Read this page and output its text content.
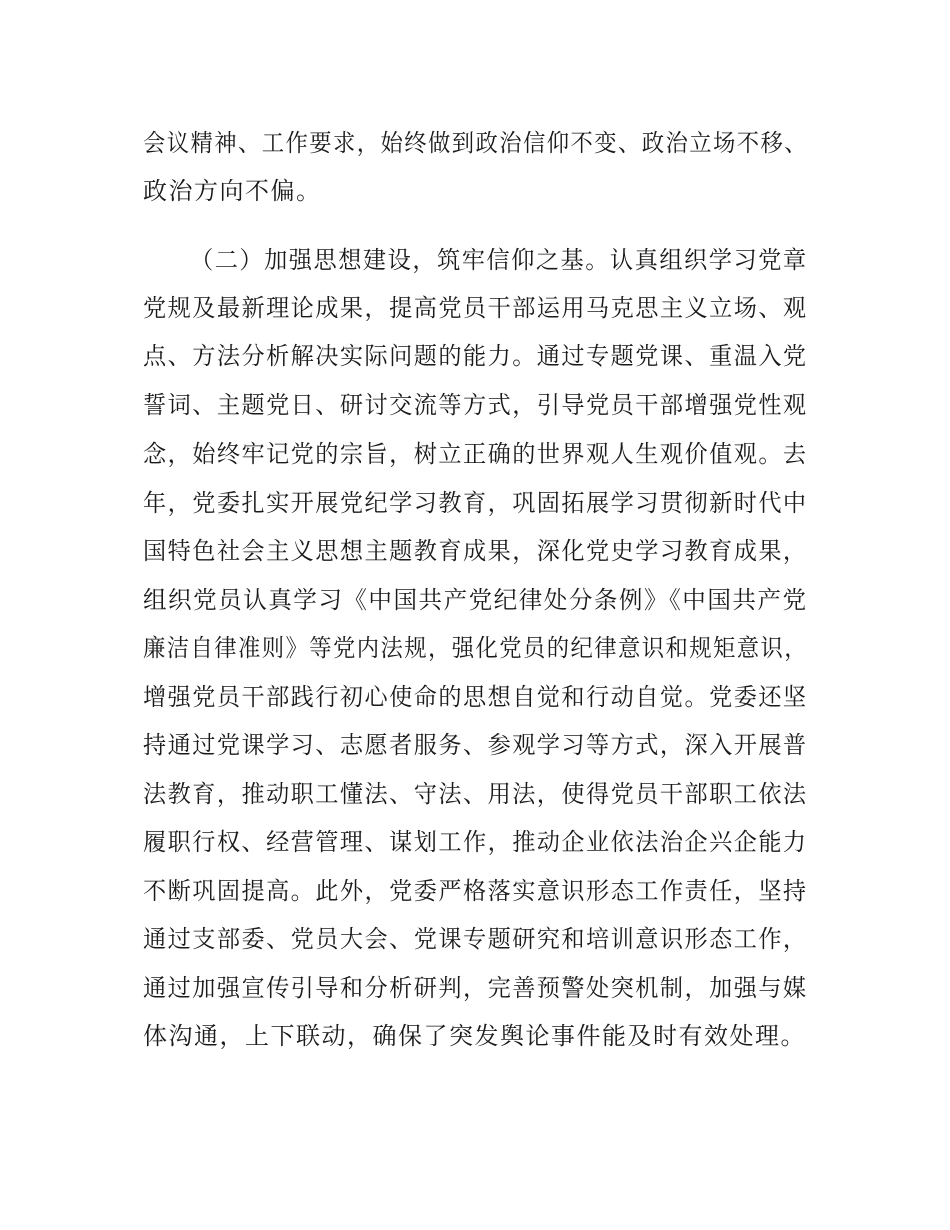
会议精神、工作要求，始终做到政治信仰不变、政治立场不移、
政治方向不偏。
（二）加强思想建设，筑牢信仰之基。认真组织学习党章
党规及最新理论成果，提高党员干部运用马克思主义立场、观
点、方法分析解决实际问题的能力。通过专题党课、重温入党
誓词、主题党日、研讨交流等方式，引导党员干部增强党性观
念，始终牢记党的宗旨，树立正确的世界观人生观价值观。去
年，党委扎实开展党纪学习教育，巩固拓展学习贯彻新时代中
国特色社会主义思想主题教育成果，深化党史学习教育成果，
组织党员认真学习《中国共产党纪律处分条例》《中国共产党
廉洁自律准则》等党内法规，强化党员的纪律意识和规矩意识，
增强党员干部践行初心使命的思想自觉和行动自觉。党委还坚
持通过党课学习、志愿者服务、参观学习等方式，深入开展普
法教育，推动职工懂法、守法、用法，使得党员干部职工依法
履职行权、经营管理、谋划工作，推动企业依法治企兴企能力
不断巩固提高。此外，党委严格落实意识形态工作责任，坚持
通过支部委、党员大会、党课专题研究和培训意识形态工作，
通过加强宣传引导和分析研判，完善预警处突机制，加强与媒
体沟通，上下联动，确保了突发舆论事件能及时有效处理。
